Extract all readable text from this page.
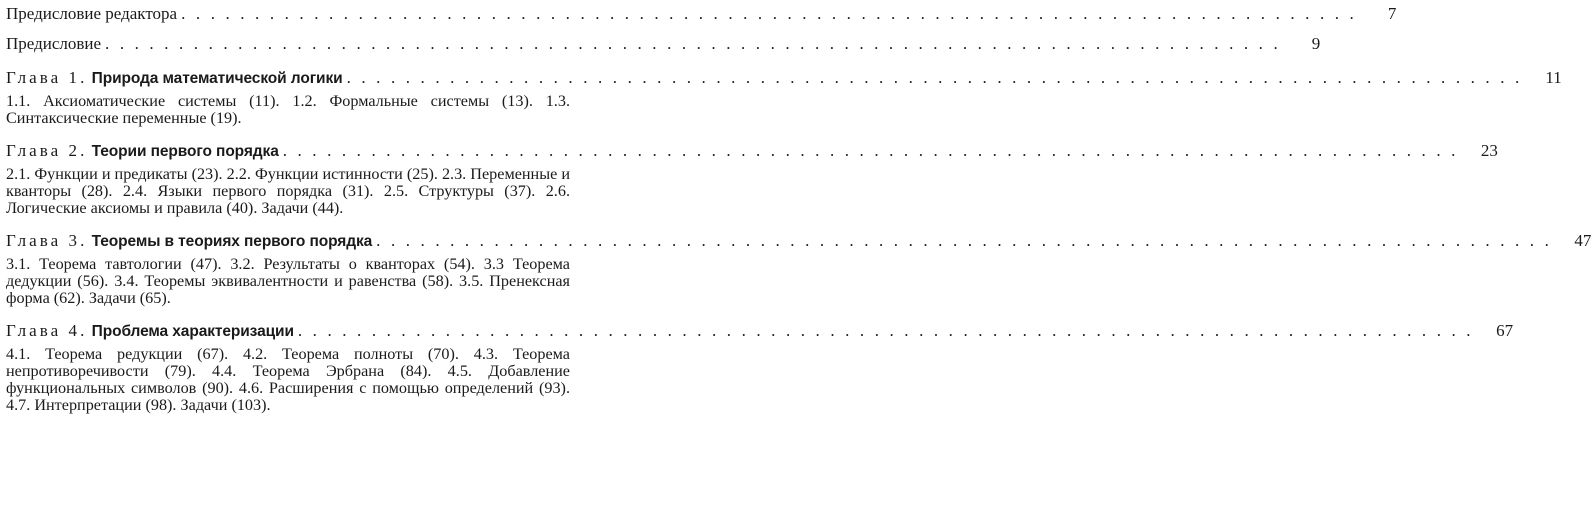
Предисловие редактора ................................................................................	7
Предисловие ................................................................................	9
Глава 1. Природа математической логики ................................................................................ 11
1.1. Аксиоматические системы (11). 1.2. Формальные системы (13). 1.3. Синтаксические переменные (19).
Глава 2. Теории первого порядка ................................................................................ 23
2.1. Функции и предикаты (23). 2.2. Функции истинности (25). 2.3. Переменные и кванторы (28). 2.4. Языки первого порядка (31). 2.5. Структуры (37). 2.6. Логические аксиомы и правила (40). Задачи (44).
Глава 3. Теоремы в теориях первого порядка ................................................................................ 47
3.1. Теорема тавтологии (47). 3.2. Результаты о кванторах (54). 3.3 Теорема дедукции (56). 3.4. Теоремы эквивалентности и равенства (58). 3.5. Пренексная форма (62). Задачи (65).
Глава 4. Проблема характеризации ................................................................................ 67
4.1. Теорема редукции (67). 4.2. Теорема полноты (70). 4.3. Теорема непротиворечивости (79). 4.4. Теорема Эрбрана (84). 4.5. Добавление функциональных символов (90). 4.6. Расширения с помощью определений (93). 4.7. Интерпретации (98). Задачи (103).
